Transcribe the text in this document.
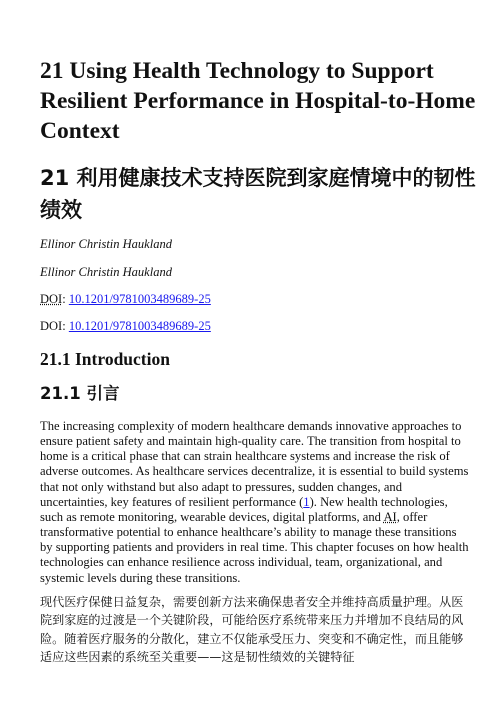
21 Using Health Technology to Support Resilient Performance in Hospital-to-Home Context
21 利用健康技术支持医院到家庭情境中的韧性绩效

Ellinor Christin Haukland

Ellinor Christin Haukland

DOI: 10.1201/9781003489689-25

DOI: 10.1201/9781003489689-25

21.1 Introduction
21.1 引言

The increasing complexity of modern healthcare demands innovative approaches to ensure patient safety and maintain high-quality care. The transition from hospital to home is a critical phase that can strain healthcare systems and increase the risk of adverse outcomes. As healthcare services decentralize, it is essential to build systems that not only withstand but also adapt to pressures, sudden changes, and uncertainties, key features of resilient performance (1). New health technologies, such as remote monitoring, wearable devices, digital platforms, and AI, offer transformative potential to enhance healthcare’s ability to manage these transitions by supporting patients and providers in real time. This chapter focuses on how health technologies can enhance resilience across individual, team, organizational, and systemic levels during these transitions.

现代医疗保健日益复杂，需要创新方法来确保患者安全并维持高质量护理。从医院到家庭的过渡是一个关键阶段，可能给医疗系统带来压力并增加不良结局的风险。随着医疗服务的分散化，建立不仅能承受压力、突变和不确定性，而且能够适应这些因素的系统至关重要——这是韧性绩效的关键特征
